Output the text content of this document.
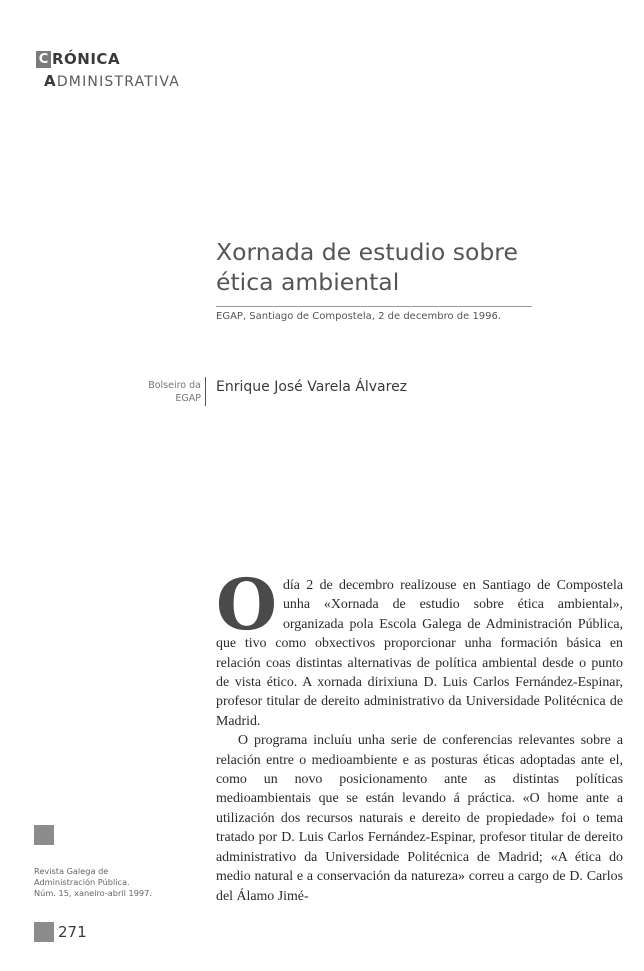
C RÓNICA
ADMINISTRATIVA
Xornada de estudio sobre
ética ambiental
EGAP, Santiago de Compostela, 2 de decembro de 1996.
Bolseiro da
EGAP
Enrique José Varela Álvarez

Odía 2 de decembro realizouse en Santiago de Compostela unha «Xornada de estudio sobre ética ambiental», organizada pola Escola Galega de Administración Pública, que tivo como obxectivos proporcionar unha formación básica en relación coas distintas alternativas de política ambiental desde o punto de vista ético. A xornada dirixiuna D. Luis Carlos Fernández-Espinar, profesor titular de dereito administrativo da Universidade Politécnica de Madrid.

O programa incluíu unha serie de conferencias relevantes sobre a relación entre o medioambiente e as posturas éticas adoptadas ante el, como un novo posicionamento ante as distintas políticas medioambientais que se están levando á práctica. «O home ante a utilización dos recursos naturais e dereito de propiedade» foi o tema tratado por D. Luis Carlos Fernández-Espinar, profesor titular de dereito administrativo da Universidade Politécnica de Madrid; «A ética do medio natural e a conservación da natureza» correu a cargo de D. Carlos del Álamo Jimé-

Revista Galega de
Administración Pública.
Núm. 15, xaneiro-abril 1997.
271
